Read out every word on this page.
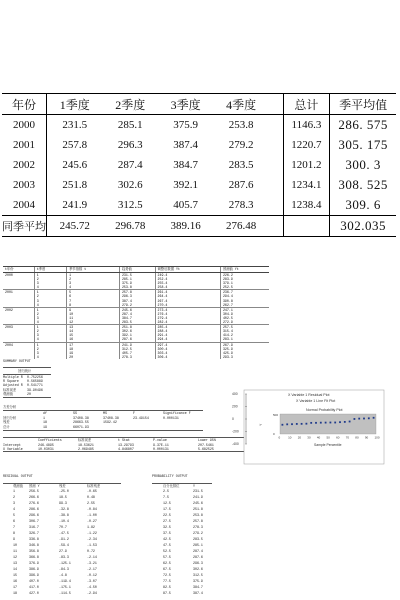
年份	1季度	2季度	3季度	4季度		总计	季平均值
2000	231.5	285.1	375.9	253.8		1146.3	286. 575
2001	257.8	296.3	387.4	279.2		1220.7	305. 175
2002	245.6	287.4	384.7	283.5		1201.2	300. 3
2003	251.8	302.6	392.1	287.6		1234.1	308. 525
2004	241.9	312.5	405.7	278.3		1238.4	309. 6
同季平均	245.72	296.78	389.16	276.48			302.035
t年份	t季度	季节指数 t	趋势值	调整后数据 Yt	预测值 Yt
2000	1	1	231.5	249.4	226.2
	2	2	285.1	252.4	283.9
	3	3	375.9	255.4	379.1
	4	4	253.8	258.4	252.5
2001	1	5	257.8	261.4	236.7
	2	6	296.3	264.4	294.4
	3	7	387.4	267.4	390.8
	4	8	279.2	270.4	262.7
2002	1	9	245.6	273.4	247.1
	2	10	287.4	276.4	304.9
	3	11	384.7	279.4	402.5
	4	12	283.5	282.4	272.9
2003	1	13	251.8	285.4	257.5
	2	14	302.6	288.4	315.4
	3	15	392.1	291.4	414.2
	4	16	287.6	294.4	283.1
2004	1	17	241.9	297.4	267.9
	2	18	312.5	300.4	325.9
	3	19	405.7	303.4	425.9
	4	20	278.3	306.4	293.3
SUMMARY OUTPUT
回归统计
Multiple R 0.752256
R Square 0.565889
Adjusted R 0.541771
标准误差	39.90496
观测值	20
方差分析
df	SS	MS	F	Significance F
回归分析	1	37408.38	37408.38	23.49154	0.000131
残差	18	28663.55	1592.42
总计	19	66071.93
Coefficients	标准误差	t Stat	P-value	Lower 95%
Intercept	246.4895	18.53621	13.29793	9.37E-11	207.5461
X Variable	10.03031	2.069485	4.846807	0.000131	5.682525
RESIDUAL OUTPUT	PROBABILITY OUTPUT
观测值 预测 Y	残差	标准残差	百分比排位	Y
1	256.5	-25.0	-0.65	2.5	231.5
2	266.6	18.5	0.48	7.5	241.9
3	276.6	99.3	2.55	12.5	245.6
4	286.6	-32.8	-0.84	17.5	251.8
5	296.6	-38.8	-1.00	22.5	253.8
6	306.7	-10.4	-0.27	27.5	257.8
7	316.7	70.7	1.82	32.5	278.3
8	326.7	-47.5	-1.22	37.5	279.2
9	336.8	-91.2	-2.34	42.5	283.5
10	346.8	-59.4	-1.53	47.5	285.1
11	356.8	27.9	0.72	52.5	287.4
12	366.8	-83.3	-2.14	57.5	287.6
13	376.9	-125.1	-3.21	62.5	296.3
14	386.9	-84.3	-2.17	67.5	302.6
15	396.9	-4.8	-0.12	72.5	312.5
16	407.0	-119.4	-3.07	77.5	375.9
17	417.0	-175.1	-4.50	82.5	384.7
18	427.0	-114.5	-2.94	87.5	387.4
X Variable 1 Residual Plot
X Variable 1 Line Fit Plot
400
200
0
-200
-400
Normal Probability Plot
Y
0	10 20 30 40 50 60 70 80 90 100
500
0
Sample Percentile
